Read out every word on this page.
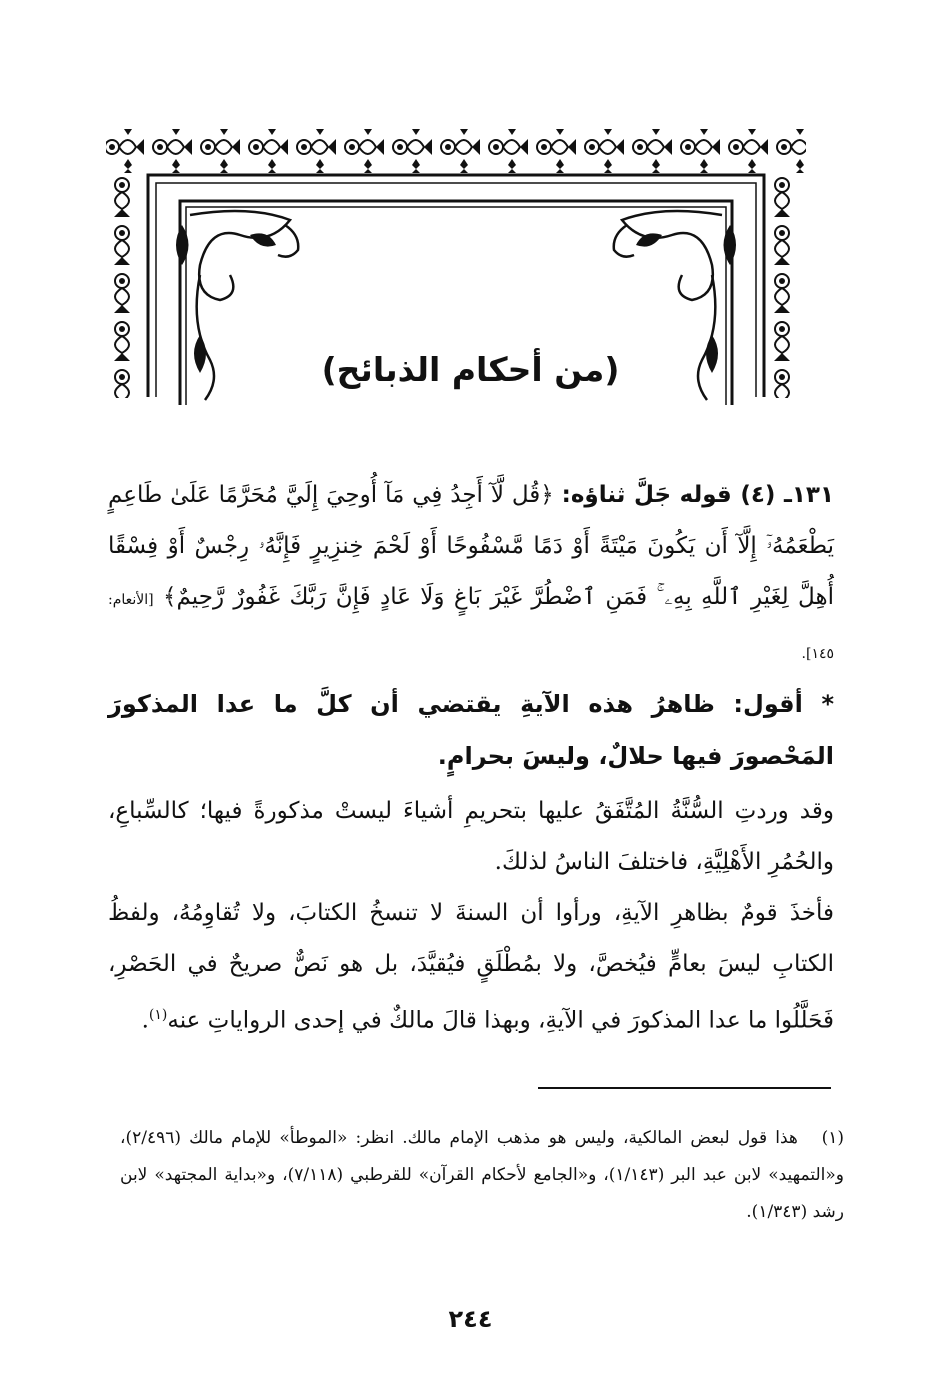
(من أحكام الذبائح)
١٣١ـ (٤) قوله جَلَّ ثناؤه: ﴿قُل لَّآ أَجِدُ فِي مَآ أُوحِيَ إِلَيَّ مُحَرَّمًا عَلَىٰ طَاعِمٍ يَطْعَمُهُۥٓ إِلَّآ أَن يَكُونَ مَيْتَةً أَوْ دَمًا مَّسْفُوحًا أَوْ لَحْمَ خِنزِيرٍ فَإِنَّهُۥ رِجْسٌ أَوْ فِسْقًا أُهِلَّ لِغَيْرِ ٱللَّهِ بِهِۦ ۚ فَمَنِ ٱضْطُرَّ غَيْرَ بَاغٍ وَلَا عَادٍ فَإِنَّ رَبَّكَ غَفُورٌ رَّحِيمٌ﴾ [الأنعام: ١٤٥].
* أقول: ظاهرُ هذه الآيةِ يقتضي أن كلَّ ما عدا المذكورَ المَحْصورَ فيها حلالٌ، وليسَ بحرامٍ.
وقد وردتِ السُّنَّةُ المُتَّفَقُ عليها بتحريمِ أشياءَ ليستْ مذكورةً فيها؛ كالسِّباعِ، والحُمُرِ الأَهْلِيَّةِ، فاختلفَ الناسُ لذلكَ.
فأخذَ قومٌ بظاهرِ الآيةِ، ورأوا أن السنةَ لا تنسخُ الكتابَ، ولا تُقاوِمُهُ، ولفظُ الكتابِ ليسَ بعامٍّ فيُخصَّ، ولا بمُطْلَقٍ فيُقيَّدَ، بل هو نَصٌّ صريحٌ في الحَصْرِ، فَحَلَّلُوا ما عدا المذكورَ في الآيةِ، وبهذا قالَ مالكٌ في إحدى الرواياتِ عنه$^{(١)}$.
(١) هذا قول لبعض المالكية، وليس هو مذهب الإمام مالك. انظر: «الموطأ» للإمام مالك (٢/٤٩٦)، و«التمهيد» لابن عبد البر (١/١٤٣)، و«الجامع لأحكام القرآن» للقرطبي (٧/١١٨)، و«بداية المجتهد» لابن رشد (١/٣٤٣).
٢٤٤
